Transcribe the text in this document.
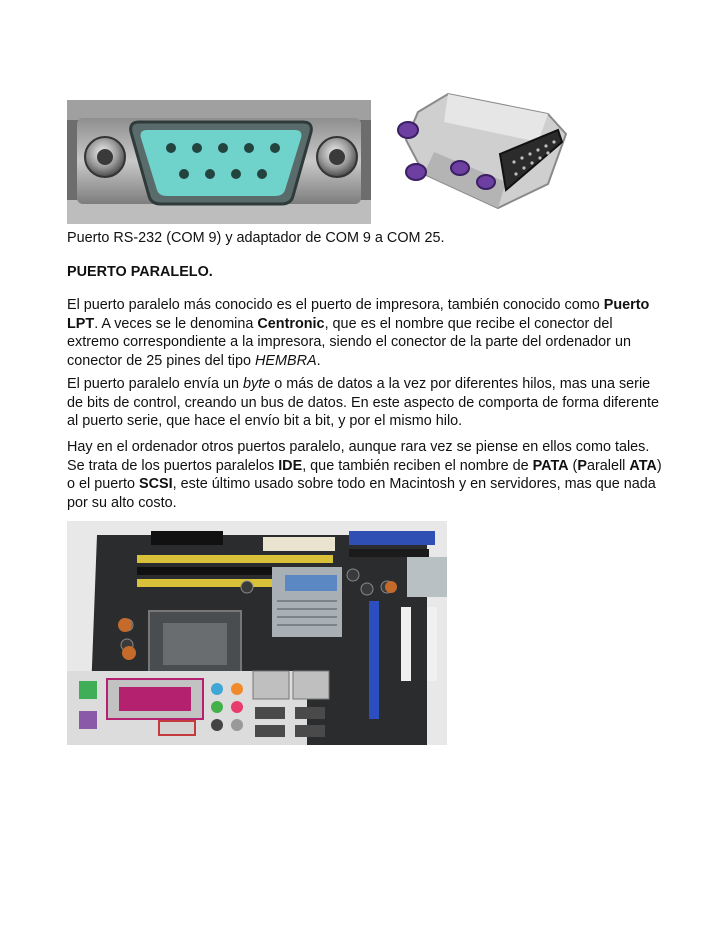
Puerto RS-232 (COM 9) y adaptador de COM 9 a COM 25.

PUERTO PARALELO.

El puerto paralelo más conocido es el puerto de impresora, también conocido como Puerto LPT. A veces se le denomina Centronic, que es el nombre que recibe el conector del extremo correspondiente a la impresora, siendo el conector de la parte del ordenador un conector de 25 pines del tipo HEMBRA.

El puerto paralelo envía un byte o más de datos a la vez por diferentes hilos, mas una serie de bits de control, creando un bus de datos. En este aspecto de comporta de forma diferente al puerto serie, que hace el envío bit a bit, y por el mismo hilo.

Hay en el ordenador otros puertos paralelo, aunque rara vez se piense en ellos como tales. Se trata de los puertos paralelos IDE, que también reciben el nombre de PATA (Paralell ATA) o el puerto SCSI, este último usado sobre todo en Macintosh y en servidores, mas que nada por su alto costo.
